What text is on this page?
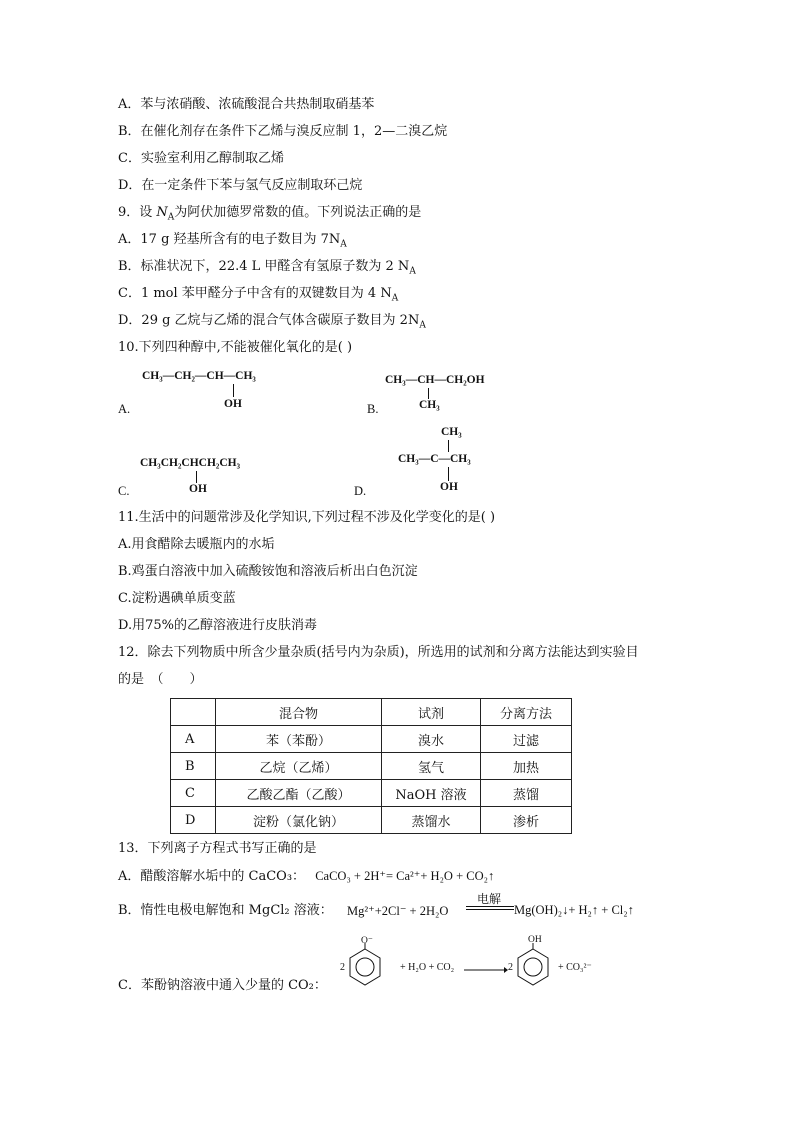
A．苯与浓硝酸、浓硫酸混合共热制取硝基苯
B．在催化剂存在条件下乙烯与溴反应制 1，2—二溴乙烷
C．实验室利用乙醇制取乙烯
D．在一定条件下苯与氢气反应制取环己烷
9．设 $N_A$为阿伏加德罗常数的值。下列说法正确的是
A．17 g 羟基所含有的电子数目为 $7N_A$
B．标准状况下，22.4 L 甲醛含有氢原子数为 2 $N_A$
C．1 mol 苯甲醛分子中含有的双键数目为 4 $N_A$
D．29 g 乙烷与乙烯的混合气体含碳原子数目为 $2N_A$
10.下列四种醇中,不能被催化氧化的是( )
CH₃—CH₂—CH—CH₃
OH
A.
CH₃—CH—CH₂OH
CH₃
B.
CH₃CH₂CHCH₂CH₃
OH
C.
CH₃
CH₃—C—CH₃
OH
D.
11.生活中的问题常涉及化学知识,下列过程不涉及化学变化的是( )
A.用食醋除去暖瓶内的水垢
B.鸡蛋白溶液中加入硫酸铵饱和溶液后析出白色沉淀
C.淀粉遇碘单质变蓝
D.用75%的乙醇溶液进行皮肤消毒
12．除去下列物质中所含少量杂质(括号内为杂质)，所选用的试剂和分离方法能达到实验目
的是　（　　）
	混合物	试剂	分离方法
A	苯（苯酚）	溴水	过滤
B	乙烷（乙烯）	氢气	加热
C	乙酸乙酯（乙酸）	NaOH 溶液	蒸馏
D	淀粉（氯化钠）	蒸馏水	渗析
13．下列离子方程式书写正确的是
A．醋酸溶解水垢中的 CaCO₃： CaCO₃ + 2H⁺= Ca²⁺+ H₂O + CO₂↑
B．惰性电极电解饱和 MgCl₂ 溶液： Mg²⁺+2Cl⁻ + 2H₂O
电解
Mg(OH)₂↓+ H₂↑ + Cl₂↑
C．苯酚钠溶液中通入少量的 CO₂：
2
O⁻
+ H₂O + CO₂	2
OH
+ CO₃²⁻
